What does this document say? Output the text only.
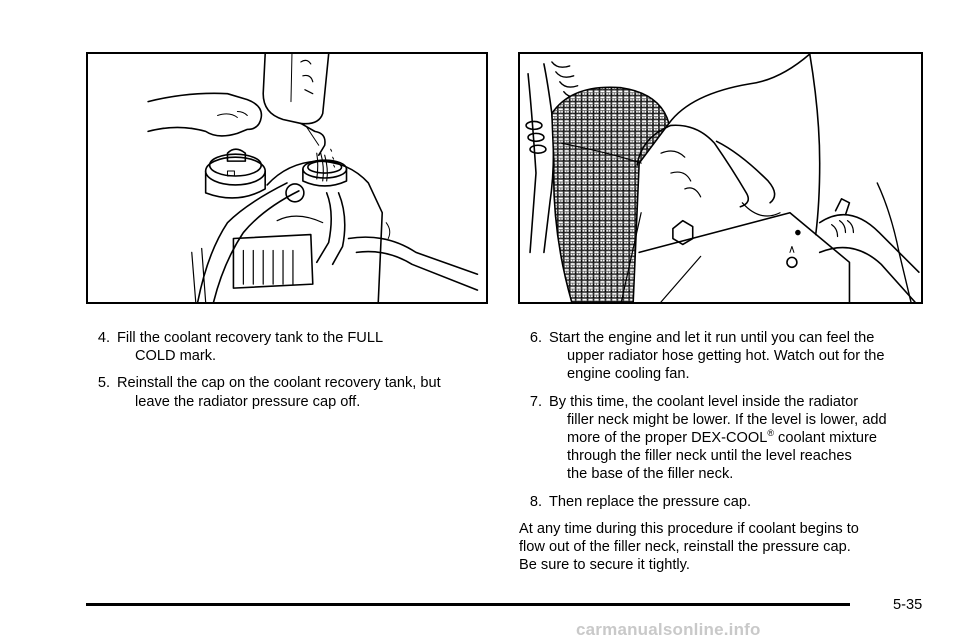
4. Fill the coolant recovery tank to the FULL
COLD mark.
5. Reinstall the cap on the coolant recovery tank, but
leave the radiator pressure cap off.
6. Start the engine and let it run until you can feel the
upper radiator hose getting hot. Watch out for the
engine cooling fan.
7. By this time, the coolant level inside the radiator
filler neck might be lower. If the level is lower, add
more of the proper DEX-COOL® coolant mixture
through the filler neck until the level reaches
the base of the filler neck.
8. Then replace the pressure cap.
At any time during this procedure if coolant begins to
flow out of the filler neck, reinstall the pressure cap.
Be sure to secure it tightly.
5-35
carmanualsonline.info
